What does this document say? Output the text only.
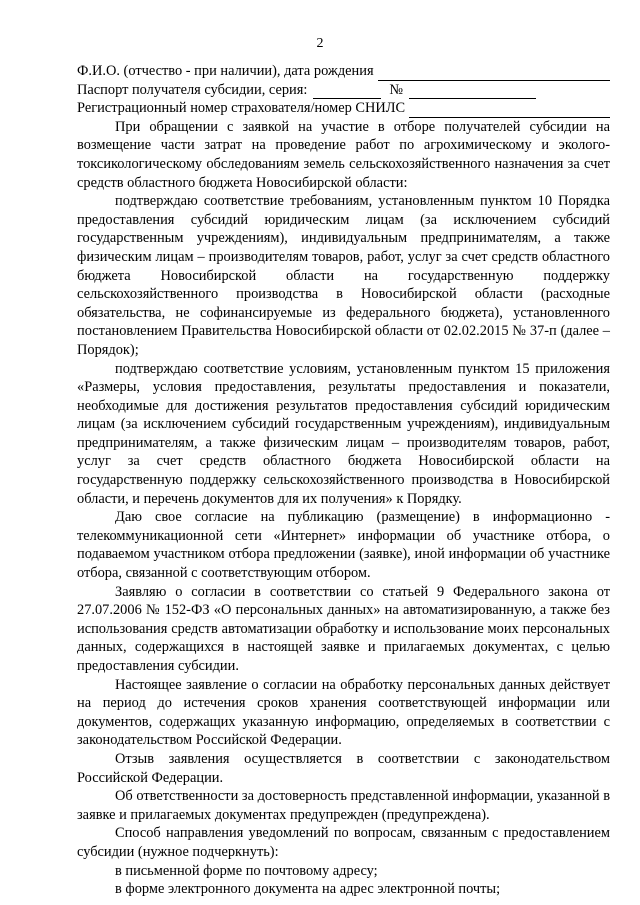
2
Ф.И.О. (отчество - при наличии), дата рождения
Паспорт получателя субсидии, серия:	№
Регистрационный номер страхователя/номер СНИЛС

При обращении с заявкой на участие в отборе получателей субсидии на возмещение части затрат на проведение работ по агрохимическому и эколого-токсикологическому обследованиям земель сельскохозяйственного назначения за счет средств областного бюджета Новосибирской области:

подтверждаю соответствие требованиям, установленным пунктом 10 Порядка предоставления субсидий юридическим лицам (за исключением субсидий государственным учреждениям), индивидуальным предпринимателям, а также физическим лицам – производителям товаров, работ, услуг за счет средств областного бюджета Новосибирской области на государственную поддержку сельскохозяйственного производства в Новосибирской области (расходные обязательства, не софинансируемые из федерального бюджета), установленного постановлением Правительства Новосибирской области от 02.02.2015 № 37-п (далее – Порядок);

подтверждаю соответствие условиям, установленным пунктом 15 приложения «Размеры, условия предоставления, результаты предоставления и показатели, необходимые для достижения результатов предоставления субсидий юридическим лицам (за исключением субсидий государственным учреждениям), индивидуальным предпринимателям, а также физическим лицам – производителям товаров, работ, услуг за счет средств областного бюджета Новосибирской области на государственную поддержку сельскохозяйственного производства в Новосибирской области, и перечень документов для их получения» к Порядку.

Даю свое согласие на публикацию (размещение) в информационно - телекоммуникационной сети «Интернет» информации об участнике отбора, о подаваемом участником отбора предложении (заявке), иной информации об участнике отбора, связанной с соответствующим отбором.

Заявляю о согласии в соответствии со статьей 9 Федерального закона от 27.07.2006 № 152-ФЗ «О персональных данных» на автоматизированную, а также без использования средств автоматизации обработку и использование моих персональных данных, содержащихся в настоящей заявке и прилагаемых документах, с целью предоставления субсидии.

Настоящее заявление о согласии на обработку персональных данных действует на период до истечения сроков хранения соответствующей информации или документов, содержащих указанную информацию, определяемых в соответствии с законодательством Российской Федерации.

Отзыв заявления осуществляется в соответствии с законодательством Российской Федерации.

Об ответственности за достоверность представленной информации, указанной в заявке и прилагаемых документах предупрежден (предупреждена).

Способ направления уведомлений по вопросам, связанным с предоставлением субсидии (нужное подчеркнуть):

в письменной форме по почтовому адресу;

в форме электронного документа на адрес электронной почты;
